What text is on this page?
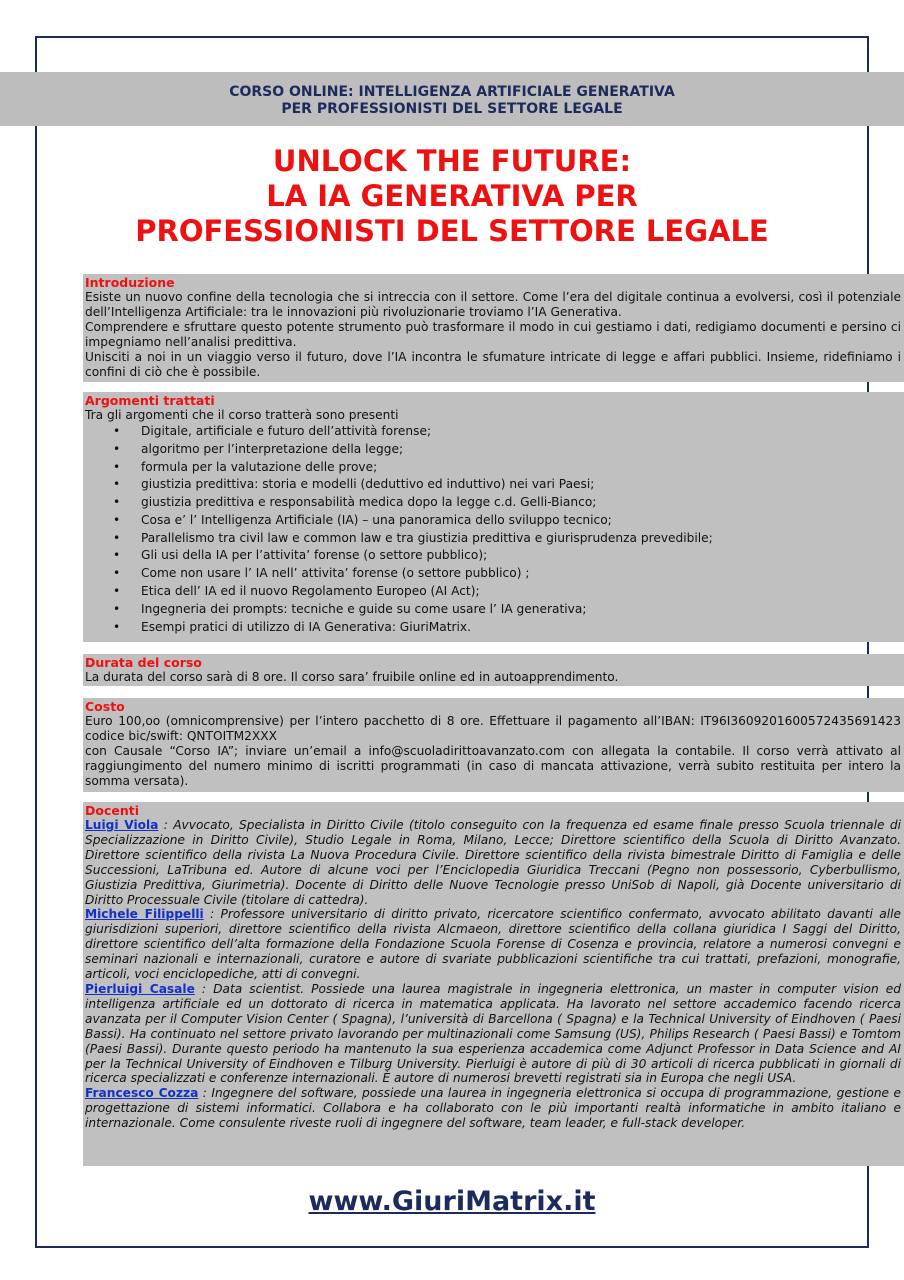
CORSO ONLINE: INTELLIGENZA ARTIFICIALE GENERATIVA
PER PROFESSIONISTI DEL SETTORE LEGALE
UNLOCK THE FUTURE:
LA IA GENERATIVA PER
PROFESSIONISTI DEL SETTORE LEGALE
Introduzione
Esiste un nuovo confine della tecnologia che si intreccia con il settore. Come l’era del digitale continua a evolversi, così il potenziale dell’Intelligenza Artificiale: tra le innovazioni più rivoluzionarie troviamo l’IA Generativa.
Comprendere e sfruttare questo potente strumento può trasformare il modo in cui gestiamo i dati, redigiamo documenti e persino ci impegniamo nell’analisi predittiva.
Unisciti a noi in un viaggio verso il futuro, dove l’IA incontra le sfumature intricate di legge e affari pubblici. Insieme, ridefiniamo i confini di ciò che è possibile.
Argomenti trattati
Tra gli argomenti che il corso tratterà sono presenti
• Digitale, artificiale e futuro dell’attività forense;
• algoritmo per l’interpretazione della legge;
• formula per la valutazione delle prove;
• giustizia predittiva: storia e modelli (deduttivo ed induttivo) nei vari Paesi;
• giustizia predittiva e responsabilità medica dopo la legge c.d. Gelli-Bianco;
• Cosa e’ l’ Intelligenza Artificiale (IA) – una panoramica dello sviluppo tecnico;
• Parallelismo tra civil law e common law e tra giustizia predittiva e giurisprudenza prevedibile;
• Gli usi della IA per l’attivita’ forense (o settore pubblico);
• Come non usare l’ IA nell’ attivita’ forense (o settore pubblico) ;
• Etica dell’ IA ed il nuovo Regolamento Europeo (AI Act);
• Ingegneria dei prompts: tecniche e guide su come usare l’ IA generativa;
• Esempi pratici di utilizzo di IA Generativa: GiuriMatrix.
Durata del corso
La durata del corso sarà di 8 ore. Il corso sara’ fruibile online ed in autoapprendimento.
Costo
Euro 100,oo (omnicomprensive) per l’intero pacchetto di 8 ore. Effettuare il pagamento all’IBAN: IT96I3609201600572435691423 codice bic/swift: QNTOITM2XXX
con Causale “Corso IA”; inviare un’email a info@scuoladirittoavanzato.com con allegata la contabile. Il corso verrà attivato al raggiungimento del numero minimo di iscritti programmati (in caso di mancata attivazione, verrà subito restituita per intero la somma versata).
Docenti
Luigi Viola : Avvocato, Specialista in Diritto Civile (titolo conseguito con la frequenza ed esame finale presso Scuola triennale di Specializzazione in Diritto Civile), Studio Legale in Roma, Milano, Lecce; Direttore scientifico della Scuola di Diritto Avanzato. Direttore scientifico della rivista La Nuova Procedura Civile. Direttore scientifico della rivista bimestrale Diritto di Famiglia e delle Successioni, LaTribuna ed. Autore di alcune voci per l’Enciclopedia Giuridica Treccani (Pegno non possessorio, Cyberbullismo, Giustizia Predittiva, Giurimetria). Docente di Diritto delle Nuove Tecnologie presso UniSob di Napoli, già Docente universitario di Diritto Processuale Civile (titolare di cattedra).
Michele Filippelli : Professore universitario di diritto privato, ricercatore scientifico confermato, avvocato abilitato davanti alle giurisdizioni superiori, direttore scientifico della rivista Alcmaeon, direttore scientifico della collana giuridica I Saggi del Diritto, direttore scientifico dell’alta formazione della Fondazione Scuola Forense di Cosenza e provincia, relatore a numerosi convegni e seminari nazionali e internazionali, curatore e autore di svariate pubblicazioni scientifiche tra cui trattati, prefazioni, monografie, articoli, voci enciclopediche, atti di convegni.
Pierluigi Casale : Data scientist. Possiede una laurea magistrale in ingegneria elettronica, un master in computer vision ed intelligenza artificiale ed un dottorato di ricerca in matematica applicata. Ha lavorato nel settore accademico facendo ricerca avanzata per il Computer Vision Center ( Spagna), l’università di Barcellona ( Spagna) e la Technical University of Eindhoven ( Paesi Bassi). Ha continuato nel settore privato lavorando per multinazionali come Samsung (US), Philips Research ( Paesi Bassi) e Tomtom (Paesi Bassi). Durante questo periodo ha mantenuto la sua esperienza accademica come Adjunct Professor in Data Science and AI per la Technical University of Eindhoven e Tilburg University. Pierluigi è autore di più di 30 articoli di ricerca pubblicati in giornali di ricerca specializzati e conferenze internazionali. È autore di numerosi brevetti registrati sia in Europa che negli USA.
Francesco Cozza : Ingegnere del software, possiede una laurea in ingegneria elettronica si occupa di programmazione, gestione e progettazione di sistemi informatici. Collabora e ha collaborato con le più importanti realtà informatiche in ambito italiano e internazionale. Come consulente riveste ruoli di ingegnere del software, team leader, e full-stack developer.
www.GiuriMatrix.it
